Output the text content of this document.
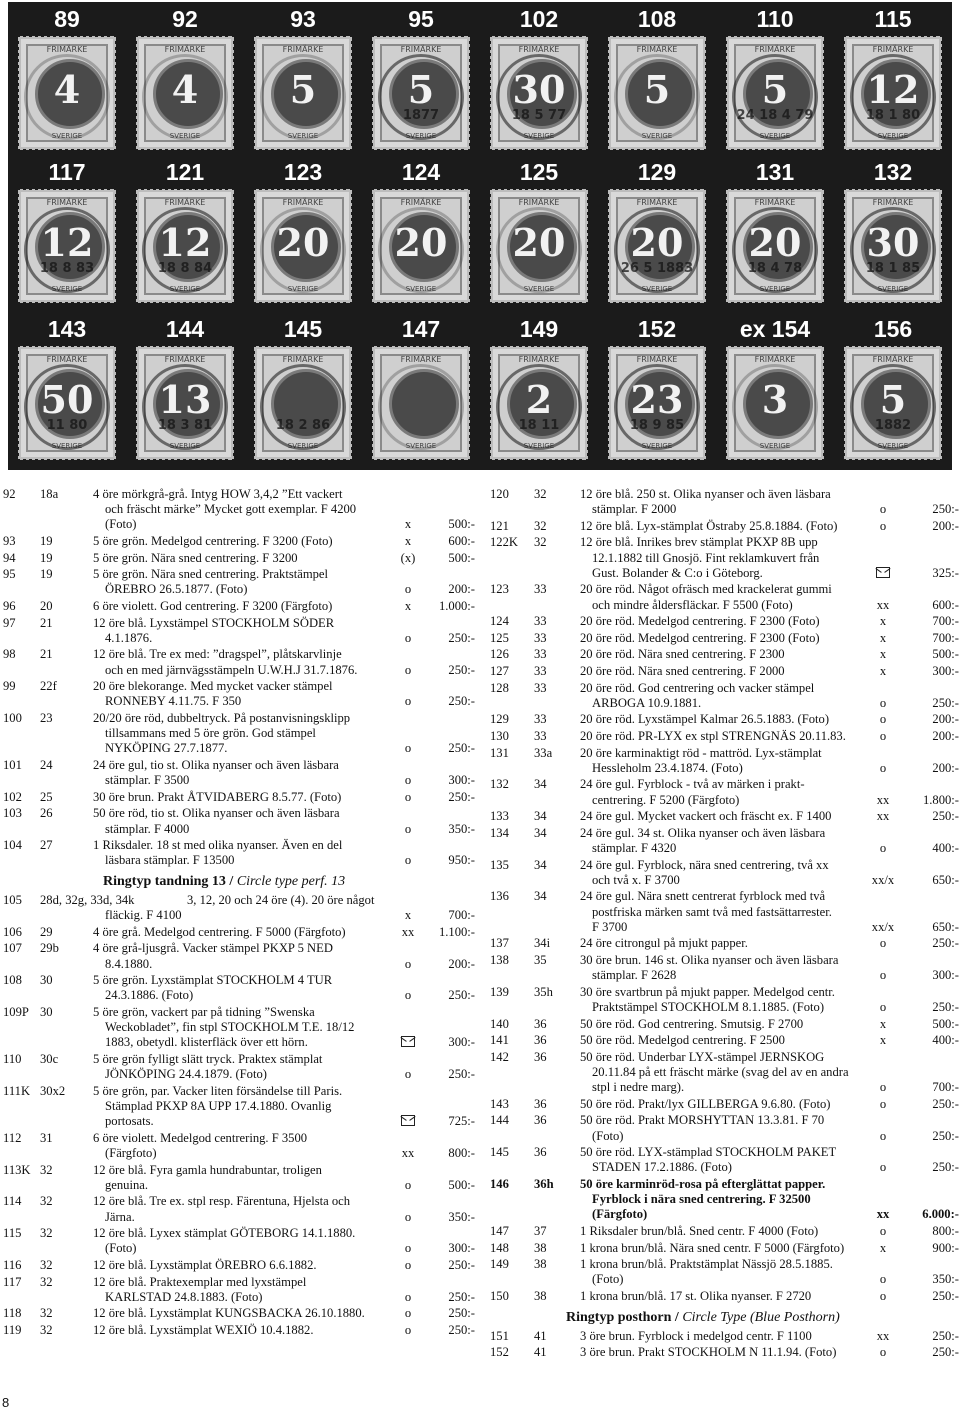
89
FRIMÄRKE
4
SVERIGE
92
FRIMÄRKE
4
SVERIGE
93
FRIMÄRKE
5
SVERIGE
95
FRIMÄRKE
5
SVERIGE
1877
102
FRIMÄRKE
30
SVERIGE
18 5 77
108
FRIMÄRKE
5
SVERIGE
110
FRIMÄRKE
5
SVERIGE
24 18 4 79
115
FRIMÄRKE
12
SVERIGE
18 1 80
117
FRIMÄRKE
12
SVERIGE
18 8 83
121
FRIMÄRKE
12
SVERIGE
18 8 84
123
FRIMÄRKE
20
SVERIGE
124
FRIMÄRKE
20
SVERIGE
125
FRIMÄRKE
20
SVERIGE
129
FRIMÄRKE
20
SVERIGE
26 5 1883
131
FRIMÄRKE
20
SVERIGE
18 4 78
132
FRIMÄRKE
30
SVERIGE
18 1 85
143
FRIMÄRKE
50
SVERIGE
11 80
144
FRIMÄRKE
13
SVERIGE
18 3 81
145
FRIMÄRKE
SVERIGE
18 2 86
147
FRIMÄRKE
SVERIGE
149
FRIMÄRKE
2
SVERIGE
18 11
152
FRIMÄRKE
23
SVERIGE
18 9 85
ex 154
FRIMÄRKE
3
SVERIGE
156
FRIMÄRKE
5
SVERIGE
1882
92 18a	4 öre mörkgrå-grå. Intyg HOW 3,4,2 ”Ett vackert
och fräscht märke” Mycket gott exemplar. F 4200
(Foto)	x	500:-
93 19	5 öre grön. Medelgod centrering. F 3200 (Foto)	x	600:-
94 19	5 öre grön. Nära sned centrering. F 3200	(x)	500:-
95 19	5 öre grön. Nära sned centrering. Praktstämpel
ÖREBRO 26.5.1877. (Foto)	o	200:-
96 20	6 öre violett. God centrering. F 3200 (Färgfoto)	x	1.000:-
97 21	12 öre blå. Lyxstämpel STOCKHOLM SÖDER
4.1.1876.	o	250:-
98 21	12 öre blå. Tre ex med: ”dragspel”, plåtskarvlinje
och en med järnvägsstämpeln U.W.H.J 31.7.1876.	o	250:-
99 22f	20 öre blekorange. Med mycket vacker stämpel
RONNEBY 4.11.75. F 350	o	250:-
100 23	20/20 öre röd, dubbeltryck. På postanvisningsklipp
tillsammans med 5 öre grön. God stämpel
NYKÖPING 27.7.1877.	o	250:-
101 24	24 öre gul, tio st. Olika nyanser och även läsbara
stämplar. F 3500	o	300:-
102 25	30 öre brun. Prakt ÅTVIDABERG 8.5.77. (Foto)	o	250:-
103 26	50 öre röd, tio st. Olika nyanser och även läsbara
stämplar. F 4000	o	350:-
104 27	1 Riksdaler. 18 st med olika nyanser. Även en del
läsbara stämplar. F 13500	o	950:-
Ringtyp tandning 13 / Circle type perf. 13
105 28d, 32g, 33d, 34k	3, 12, 20 och 24 öre (4). 20 öre något
fläckig. F 4100	x	700:-
106 29	4 öre grå. Medelgod centrering. F 5000 (Färgfoto)	xx	1.100:-
107 29b	4 öre grå-ljusgrå. Vacker stämpel PKXP 5 NED
8.4.1880.	o	200:-
108 30	5 öre grön. Lyxstämplat STOCKHOLM 4 TUR
24.3.1886. (Foto)	o	250:-
109P 30	5 öre grön, vackert par på tidning ”Swenska
Weckobladet”, fin stpl STOCKHOLM T.E. 18/12
1883, obetydl. klisterfläck över ett hörn.	300:-
110 30c	5 öre grön fylligt slätt tryck. Praktex stämplat
JÖNKÖPING 24.4.1879. (Foto)	o	250:-
111K 30x2 5 öre grön, par. Vacker liten försändelse till Paris.
Stämplad PKXP 8A UPP 17.4.1880. Ovanlig
portosats.	725:-
112 31	6 öre violett. Medelgod centrering. F 3500
(Färgfoto)	xx	800:-
113K 32	12 öre blå. Fyra gamla hundrabuntar, troligen
genuina.	o	500:-
114 32	12 öre blå. Tre ex. stpl resp. Färentuna, Hjelsta och
Järna.	o	350:-
115 32	12 öre blå. Lyxex stämplat GÖTEBORG 14.1.1880.
(Foto)	o	300:-
116 32	12 öre blå. Lyxstämplat ÖREBRO 6.6.1882.	o	250:-
117 32	12 öre blå. Praktexemplar med lyxstämpel
KARLSTAD 24.8.1883. (Foto)	o	250:-
118 32	12 öre blå. Lyxstämplat KUNGSBACKA 26.10.1880.	o	250:-
119 32	12 öre blå. Lyxstämplat WEXIÖ 10.4.1882.	o	250:-
120 32	12 öre blå. 250 st. Olika nyanser och även läsbara
stämplar. F 2000	o	250:-
121 32	12 öre blå. Lyx-stämplat Östraby 25.8.1884. (Foto)	o	200:-
122K 32	12 öre blå. Inrikes brev stämplat PKXP 8B upp
12.1.1882 till Gnosjö. Fint reklamkuvert från
Gust. Bolander & C:o i Göteborg.	325:-
123 33	20 öre röd. Något ofräsch med krackelerat gummi
och mindre åldersfläckar. F 5500 (Foto)	xx	600:-
124 33	20 öre röd. Medelgod centrering. F 2300 (Foto)	x	700:-
125 33	20 öre röd. Medelgod centrering. F 2300 (Foto)	x	700:-
126 33	20 öre röd. Nära sned centrering. F 2300	x	500:-
127 33	20 öre röd. Nära sned centrering. F 2000	x	300:-
128 33	20 öre röd. God centrering och vacker stämpel
ARBOGA 10.9.1881.	o	250:-
129 33	20 öre röd. Lyxstämpel Kalmar 26.5.1883. (Foto)	o	200:-
130 33	20 öre röd. PR-LYX ex stpl STRENGNÄS 20.11.83.	o	200:-
131 33a 20 öre karminaktigt röd - mattröd. Lyx-stämplat
Hessleholm 23.4.1874. (Foto)	o	200:-
132 34	24 öre gul. Fyrblock - två av märken i prakt-
centrering. F 5200 (Färgfoto)	xx	1.800:-
133 34	24 öre gul. Mycket vackert och fräscht ex. F 1400	xx	250:-
134 34	24 öre gul. 34 st. Olika nyanser och även läsbara
stämplar. F 4320	o	400:-
135 34	24 öre gul. Fyrblock, nära sned centrering, två xx
och två x. F 3700	xx/x	650:-
136 34	24 öre gul. Nära snett centrerat fyrblock med två
postfriska märken samt två med fastsättarrester.
F 3700	xx/x	650:-
137 34i 24 öre citrongul på mjukt papper.	o	250:-
138 35	30 öre brun. 146 st. Olika nyanser och även läsbara
stämplar. F 2628	o	300:-
139 35h 30 öre svartbrun på mjukt papper. Medelgod centr.
Praktstämpel STOCKHOLM 8.1.1885. (Foto)	o	250:-
140 36	50 öre röd. God centrering. Smutsig. F 2700	x	500:-
141 36	50 öre röd. Medelgod centrering. F 2500	x	400:-
142 36	50 öre röd. Underbar LYX-stämpel JERNSKOG
20.11.84 på ett fräscht märke (svag del av en andra
stpl i nedre marg).	o	700:-
143 36	50 öre röd. Prakt/lyx GILLBERGA 9.6.80. (Foto)	o	250:-
144 36	50 öre röd. Prakt MORSHYTTAN 13.3.81. F 70
(Foto)	o	250:-
145 36	50 öre röd. LYX-stämplad STOCKHOLM PAKET
STADEN 17.2.1886. (Foto)	o	250:-
146 36h 50 öre karminröd-rosa på efterglättat papper.
Fyrblock i nära sned centrering. F 32500
(Färgfoto)	xx	6.000:-
147 37	1 Riksdaler brun/blå. Sned centr. F 4000 (Foto)	o	800:-
148 38	1 krona brun/blå. Nära sned centr. F 5000 (Färgfoto)	x	900:-
149 38	1 krona brun/blå. Praktstämplat Nässjö 28.5.1885.
(Foto)	o	350:-
150 38	1 krona brun/blå. 17 st. Olika nyanser. F 2720	o	250:-
Ringtyp posthorn / Circle Type (Blue Posthorn)
151 41	3 öre brun. Fyrblock i medelgod centr. F 1100	xx	250:-
152 41	3 öre brun. Prakt STOCKHOLM N 11.1.94. (Foto)	o	250:-
8
